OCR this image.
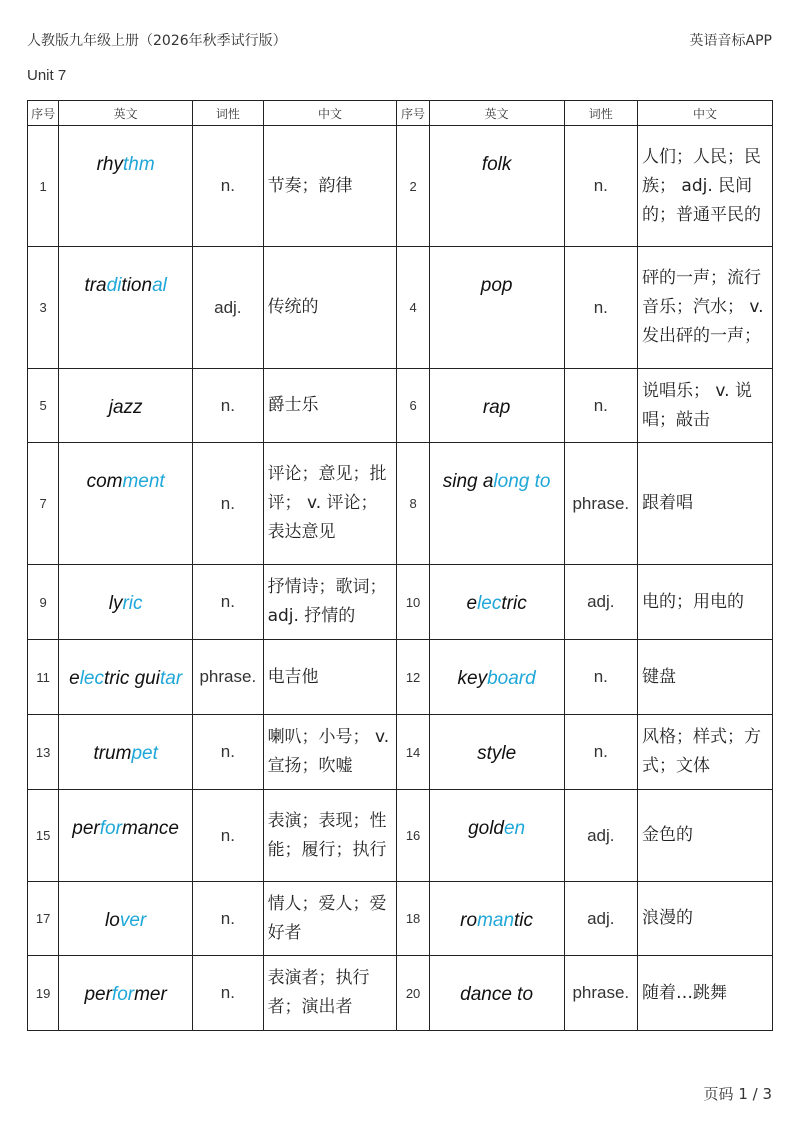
人教版九年级上册（2026年秋季试行版）	英语音标APP
Unit 7
序号	英文	词性	中文	序号	英文	词性	中文
1	rhythm	n.	节奏；韵律	2	folk	n.	人们；人民；民族； adj. 民间的；普通平民的
3	traditional	adj.	传统的	4	pop	n.	砰的一声；流行音乐；汽水； v. 发出砰的一声；
5	jazz	n.	爵士乐	6	rap	n.	说唱乐； v. 说唱；敲击
7	comment	n.	评论；意见；批评； v. 评论；表达意见	8	sing along to	phrase.	跟着唱
9	lyric	n.	抒情诗；歌词； adj. 抒情的	10	electric	adj.	电的；用电的
11	electric guitar	phrase.	电吉他	12	keyboard	n.	键盘
13	trumpet	n.	喇叭；小号； v. 宣扬；吹嘘	14	style	n.	风格；样式；方式；文体
15	performance	n.	表演；表现；性能；履行；执行	16	golden	adj.	金色的
17	lover	n.	情人；爱人；爱好者	18	romantic	adj.	浪漫的
19	performer	n.	表演者；执行者；演出者	20	dance to	phrase.	随着…跳舞
页码 1 / 3
